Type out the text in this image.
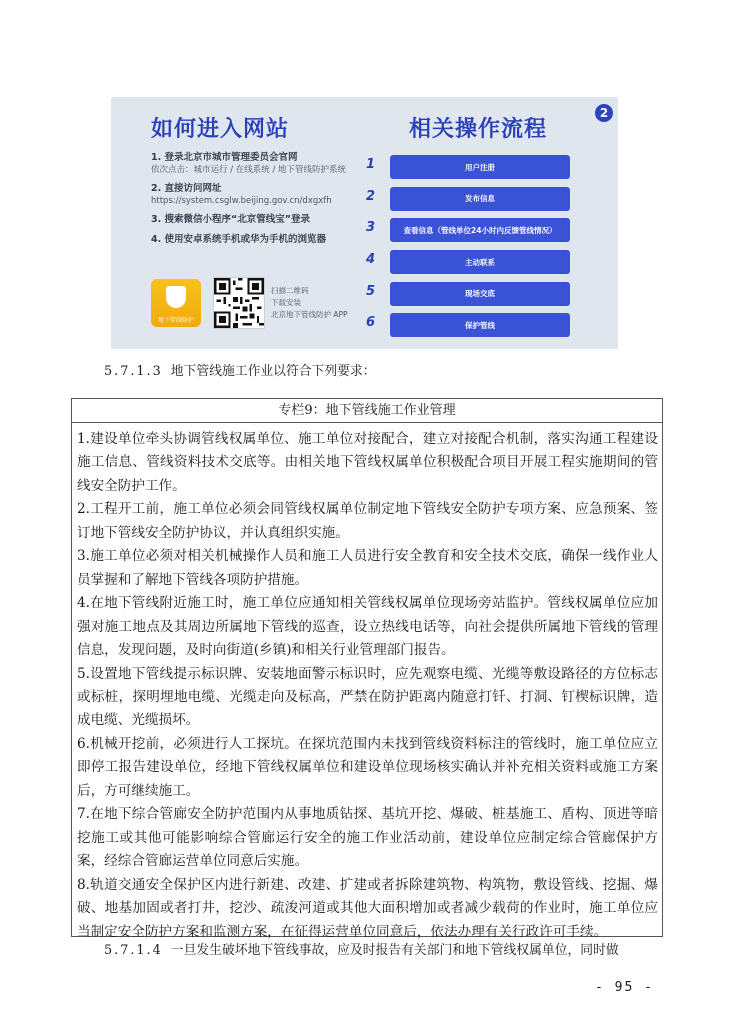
2
如何进入网站
1. 登录北京市城市管理委员会官网
依次点击：城市运行 / 在线系统 / 地下管线防护系统
2. 直接访问网址
https://system.csglw.beijing.gov.cn/dxgxfh
3. 搜索微信小程序“北京管线宝”登录
4. 使用安卓系统手机或华为手机的浏览器
地下管线防护
扫描二维码
下载安装
北京地下管线防护 APP
相关操作流程
1	用户注册
2	发布信息
3	查看信息（管线单位24小时内反馈管线情况）
4	主动联系
5	现场交底
6	保护管线
5.7.1.3 地下管线施工作业以符合下列要求：
专栏9：地下管线施工作业管理

1.建设单位牵头协调管线权属单位、施工单位对接配合，建立对接配合机制，落实沟通工程建设施工信息、管线资料技术交底等。由相关地下管线权属单位积极配合项目开展工程实施期间的管线安全防护工作。

2.工程开工前，施工单位必须会同管线权属单位制定地下管线安全防护专项方案、应急预案、签订地下管线安全防护协议，并认真组织实施。

3.施工单位必须对相关机械操作人员和施工人员进行安全教育和安全技术交底，确保一线作业人员掌握和了解地下管线各项防护措施。

4.在地下管线附近施工时，施工单位应通知相关管线权属单位现场旁站监护。管线权属单位应加强对施工地点及其周边所属地下管线的巡查，设立热线电话等，向社会提供所属地下管线的管理信息，发现问题，及时向街道(乡镇)和相关行业管理部门报告。

5.设置地下管线提示标识牌、安装地面警示标识时，应先观察电缆、光缆等敷设路径的方位标志或标桩，探明埋地电缆、光缆走向及标高，严禁在防护距离内随意打钎、打洞、钉楔标识牌，造成电缆、光缆损坏。

6.机械开挖前，必须进行人工探坑。在探坑范围内未找到管线资料标注的管线时，施工单位应立即停工报告建设单位，经地下管线权属单位和建设单位现场核实确认并补充相关资料或施工方案后，方可继续施工。

7.在地下综合管廊安全防护范围内从事地质钻探、基坑开挖、爆破、桩基施工、盾构、顶进等暗挖施工或其他可能影响综合管廊运行安全的施工作业活动前，建设单位应制定综合管廊保护方案，经综合管廊运营单位同意后实施。

8.轨道交通安全保护区内进行新建、改建、扩建或者拆除建筑物、构筑物，敷设管线、挖掘、爆破、地基加固或者打井，挖沙、疏浚河道或其他大面积增加或者减少载荷的作业时，施工单位应当制定安全防护方案和监测方案，在征得运营单位同意后，依法办理有关行政许可手续。

5.7.1.4 一旦发生破坏地下管线事故，应及时报告有关部门和地下管线权属单位，同时做
- 95 -
